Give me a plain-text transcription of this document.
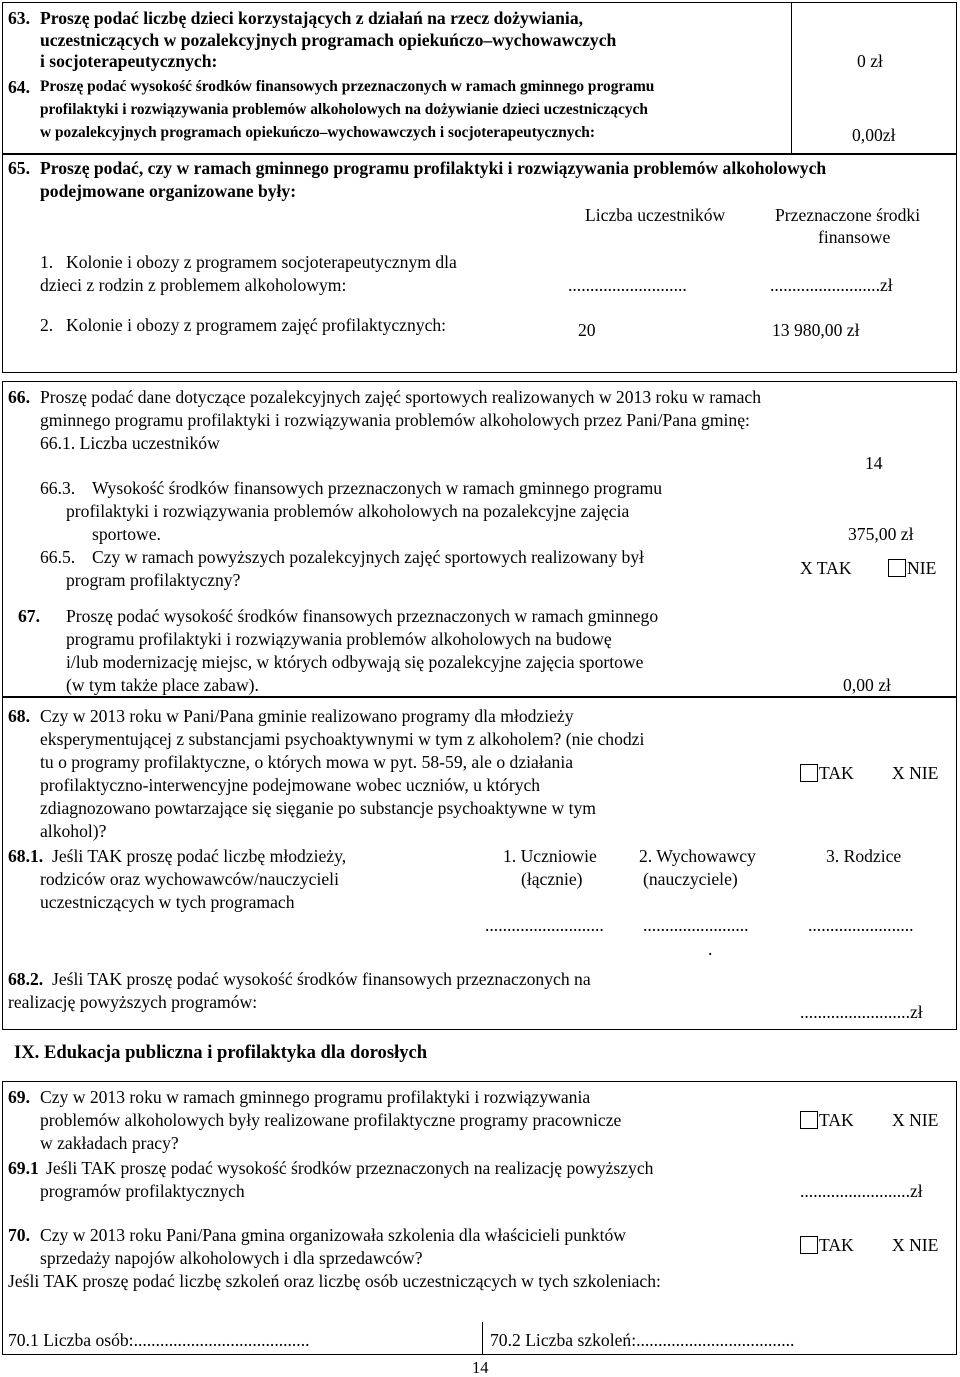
63. Proszę podać liczbę dzieci korzystających z działań na rzecz dożywiania,
uczestniczących w pozalekcyjnych programach opiekuńczo–wychowawczych
i socjoterapeutycznych:	0 zł
64. Proszę podać wysokość środków finansowych przeznaczonych w ramach gminnego programu
profilaktyki i rozwiązywania problemów alkoholowych na dożywianie dzieci uczestniczących
w pozalekcyjnych programach opiekuńczo–wychowawczych i socjoterapeutycznych:	0,00zł
65. Proszę podać, czy w ramach gminnego programu profilaktyki i rozwiązywania problemów alkoholowych
podejmowane organizowane były:
Liczba uczestników	Przeznaczone środki
finansowe
1. Kolonie i obozy z programem socjoterapeutycznym dla
dzieci z rodzin z problemem alkoholowym:	...........................	.........................zł
2. Kolonie i obozy z programem zajęć profilaktycznych:	20	13 980,00 zł
66. Proszę podać dane dotyczące pozalekcyjnych zajęć sportowych realizowanych w 2013 roku w ramach
gminnego programu profilaktyki i rozwiązywania problemów alkoholowych przez Pani/Pana gminę:
66.1. Liczba uczestników
14
66.3. Wysokość środków finansowych przeznaczonych w ramach gminnego programu
profilaktyki i rozwiązywania problemów alkoholowych na pozalekcyjne zajęcia
sportowe.	375,00 zł
66.5. Czy w ramach powyższych pozalekcyjnych zajęć sportowych realizowany był
program profilaktyczny?
X TAK	NIE
67. Proszę podać wysokość środków finansowych przeznaczonych w ramach gminnego
programu profilaktyki i rozwiązywania problemów alkoholowych na budowę
i/lub modernizację miejsc, w których odbywają się pozalekcyjne zajęcia sportowe
(w tym także place zabaw).	0,00 zł
68. Czy w 2013 roku w Pani/Pana gminie realizowano programy dla młodzieży
eksperymentującej z substancjami psychoaktywnymi w tym z alkoholem? (nie chodzi
tu o programy profilaktyczne, o których mowa w pyt. 58-59, ale o działania
profilaktyczno-interwencyjne podejmowane wobec uczniów, u których
zdiagnozowano powtarzające się sięganie po substancje psychoaktywne w tym
alkohol)?
TAK X NIE
68.1. Jeśli TAK proszę podać liczbę młodzieży,
rodziców oraz wychowawców/nauczycieli
uczestniczących w tych programach
1. Uczniowie
(łącznie)
...........................
2. Wychowawcy
(nauczyciele)
........................
.
3. Rodzice
........................
68.2. Jeśli TAK proszę podać wysokość środków finansowych przeznaczonych na
realizację powyższych programów:	.........................zł
IX. Edukacja publiczna i profilaktyka dla dorosłych
69. Czy w 2013 roku w ramach gminnego programu profilaktyki i rozwiązywania
problemów alkoholowych były realizowane profilaktyczne programy pracownicze
w zakładach pracy?
TAK X NIE
69.1 Jeśli TAK proszę podać wysokość środków przeznaczonych na realizację powyższych
programów profilaktycznych	.........................zł
70. Czy w 2013 roku Pani/Pana gmina organizowała szkolenia dla właścicieli punktów
sprzedaży napojów alkoholowych i dla sprzedawców?
TAK X NIE
Jeśli TAK proszę podać liczbę szkoleń oraz liczbę osób uczestniczących w tych szkoleniach:
70.1 Liczba osób:........................................	70.2 Liczba szkoleń:....................................
14
